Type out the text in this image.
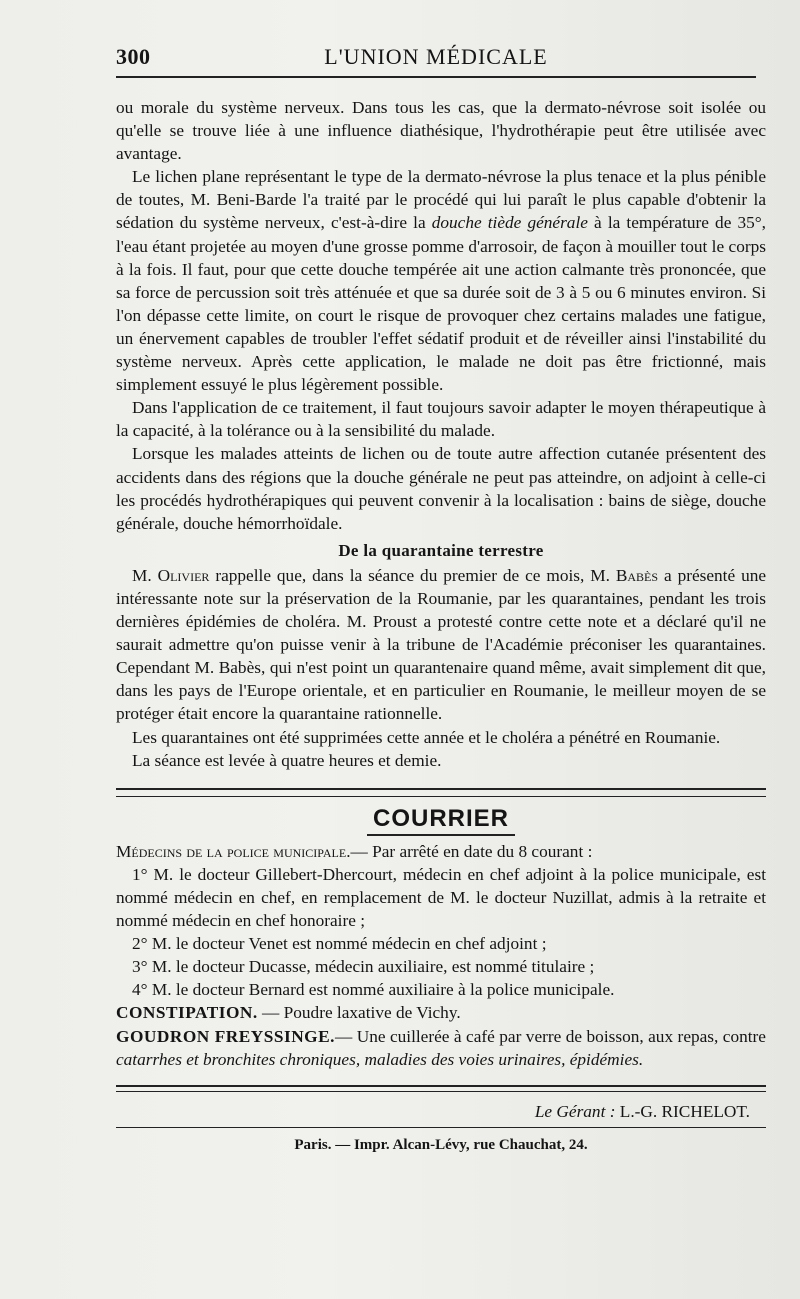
300	L'UNION MÉDICALE

ou morale du système nerveux. Dans tous les cas, que la dermato-névrose soit isolée ou qu'elle se trouve liée à une influence diathésique, l'hydrothérapie peut être utilisée avec avantage.

Le lichen plane représentant le type de la dermato-névrose la plus tenace et la plus pénible de toutes, M. Beni-Barde l'a traité par le procédé qui lui paraît le plus capable d'obtenir la sédation du système nerveux, c'est-à-dire la douche tiède générale à la température de 35°, l'eau étant projetée au moyen d'une grosse pomme d'arrosoir, de façon à mouiller tout le corps à la fois. Il faut, pour que cette douche tempérée ait une action calmante très prononcée, que sa force de percussion soit très atténuée et que sa durée soit de 3 à 5 ou 6 minutes environ. Si l'on dépasse cette limite, on court le risque de provoquer chez certains malades une fatigue, un énervement capables de troubler l'effet sédatif produit et de réveiller ainsi l'instabilité du système nerveux. Après cette application, le malade ne doit pas être frictionné, mais simplement essuyé le plus légèrement possible.

Dans l'application de ce traitement, il faut toujours savoir adapter le moyen thérapeutique à la capacité, à la tolérance ou à la sensibilité du malade.

Lorsque les malades atteints de lichen ou de toute autre affection cutanée présentent des accidents dans des régions que la douche générale ne peut pas atteindre, on adjoint à celle-ci les procédés hydrothérapiques qui peuvent convenir à la localisation : bains de siège, douche générale, douche hémorrhoïdale.

De la quarantaine terrestre

M. Olivier rappelle que, dans la séance du premier de ce mois, M. Babès a présenté une intéressante note sur la préservation de la Roumanie, par les quarantaines, pendant les trois dernières épidémies de choléra. M. Proust a protesté contre cette note et a déclaré qu'il ne saurait admettre qu'on puisse venir à la tribune de l'Académie préconiser les quarantaines. Cependant M. Babès, qui n'est point un quarantenaire quand même, avait simplement dit que, dans les pays de l'Europe orientale, et en particulier en Roumanie, le meilleur moyen de se protéger était encore la quarantaine rationnelle.

Les quarantaines ont été supprimées cette année et le choléra a pénétré en Roumanie.

La séance est levée à quatre heures et demie.

COURRIER

Médecins de la police municipale.— Par arrêté en date du 8 courant :

1° M. le docteur Gillebert-Dhercourt, médecin en chef adjoint à la police municipale, est nommé médecin en chef, en remplacement de M. le docteur Nuzillat, admis à la retraite et nommé médecin en chef honoraire ;

2° M. le docteur Venet est nommé médecin en chef adjoint ;

3° M. le docteur Ducasse, médecin auxiliaire, est nommé titulaire ;

4° M. le docteur Bernard est nommé auxiliaire à la police municipale.

CONSTIPATION. — Poudre laxative de Vichy.

GOUDRON FREYSSINGE.— Une cuillerée à café par verre de boisson, aux repas, contre catarrhes et bronchites chroniques, maladies des voies urinaires, épidémies.

Le Gérant : L.-G. RICHELOT.
Paris. — Impr. Alcan-Lévy, rue Chauchat, 24.
